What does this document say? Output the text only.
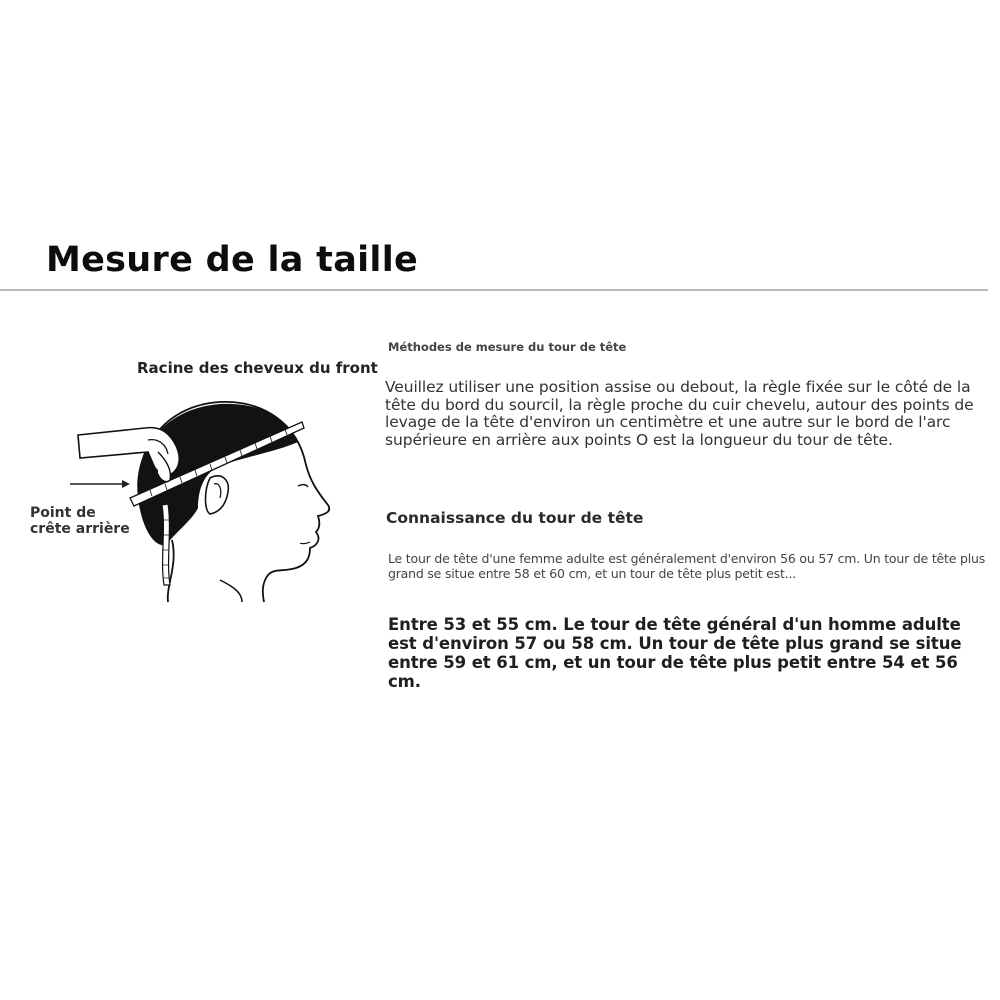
Mesure de la taille
Racine des cheveux du front
Point de crête arrière
Méthodes de mesure du tour de tête
Veuillez utiliser une position assise ou debout, la règle fixée sur le côté de la tête du bord du sourcil, la règle proche du cuir chevelu, autour des points de levage de la tête d'environ un centimètre et une autre sur le bord de l'arc supérieure en arrière aux points O est la longueur du tour de tête.
Connaissance du tour de tête
Le tour de tête d'une femme adulte est généralement d'environ 56 ou 57 cm. Un tour de tête plus grand se situe entre 58 et 60 cm, et un tour de tête plus petit est...
Entre 53 et 55 cm. Le tour de tête général d'un homme adulte est d'environ 57 ou 58 cm. Un tour de tête plus grand se situe entre 59 et 61 cm, et un tour de tête plus petit entre 54 et 56 cm.
